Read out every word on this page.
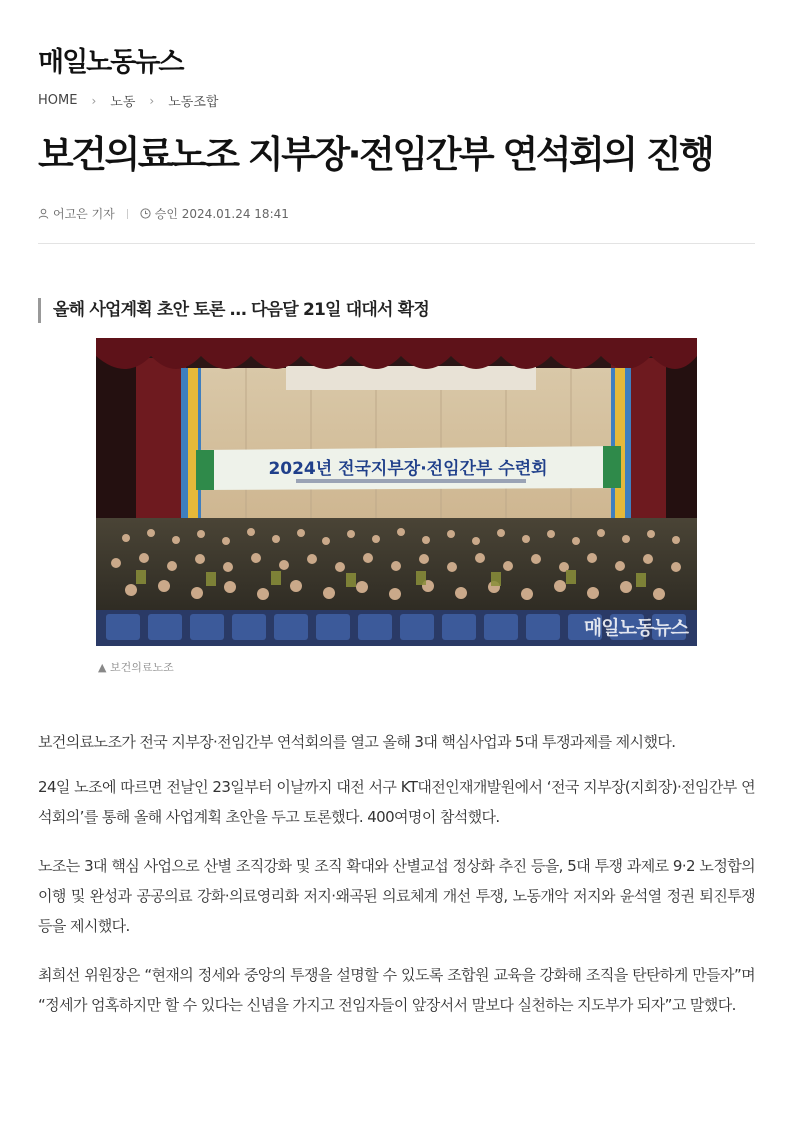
매일노동뉴스
HOME › 노동 › 노동조합
보건의료노조 지부장·전임간부 연석회의 진행
어고은 기자	승인 2024.01.24 18:41
올해 사업계획 초안 토론 … 다음달 21일 대대서 확정
2024년 전국지부장·전임간부 수련회
매일노동뉴스
▲ 보건의료노조

보건의료노조가 전국 지부장·전임간부 연석회의를 열고 올해 3대 핵심사업과 5대 투쟁과제를 제시했다.

24일 노조에 따르면 전날인 23일부터 이날까지 대전 서구 KT대전인재개발원에서 ‘전국 지부장(지회장)·전임간부 연석회의’를 통해 올해 사업계획 초안을 두고 토론했다. 400여명이 참석했다.

노조는 3대 핵심 사업으로 산별 조직강화 및 조직 확대와 산별교섭 정상화 추진 등을, 5대 투쟁 과제로 9·2 노정합의 이행 및 완성과 공공의료 강화·의료영리화 저지·왜곡된 의료체계 개선 투쟁, 노동개악 저지와 윤석열 정권 퇴진투쟁 등을 제시했다.

최희선 위원장은 “현재의 정세와 중앙의 투쟁을 설명할 수 있도록 조합원 교육을 강화해 조직을 탄탄하게 만들자”며 “정세가 엄혹하지만 할 수 있다는 신념을 가지고 전임자들이 앞장서서 말보다 실천하는 지도부가 되자”고 말했다.
